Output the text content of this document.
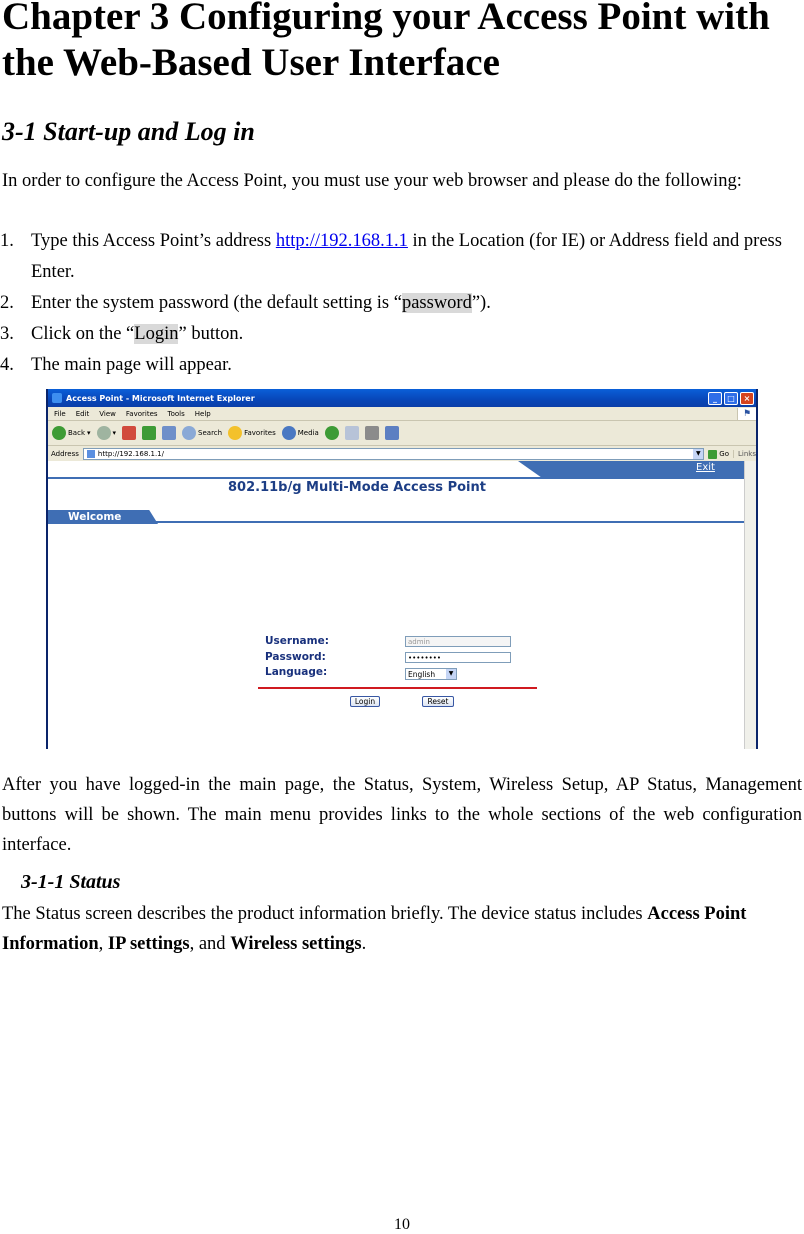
Chapter 3 Configuring your Access Point with the Web-Based User Interface
3-1 Start-up and Log in

In order to configure the Access Point, you must use your web browser and please do the following:

1. Type this Access Point’s address http://192.168.1.1 in the Location (for IE) or Address field and press Enter.
2. Enter the system password (the default setting is “password”).
3. Click on the “Login” button.
4. The main page will appear.
Access Point - Microsoft Internet Explorer	_	□	×
File Edit View Favorites Tools Help	⚑
Back ▾	▾	Search	Favorites	Media
Address	http://192.168.1.1/	▼	Go	Links
Exit
802.11b/g Multi-Mode Access Point
Welcome
Username:	admin
Password:	••••••••
Language:	English	▼
Login	Reset

After you have logged-in the main page, the Status, System, Wireless Setup, AP Status, Management buttons will be shown. The main menu provides links to the whole sections of the web configuration interface.

3-1-1 Status

The Status screen describes the product information briefly. The device status includes Access Point Information, IP settings, and Wireless settings.

10
